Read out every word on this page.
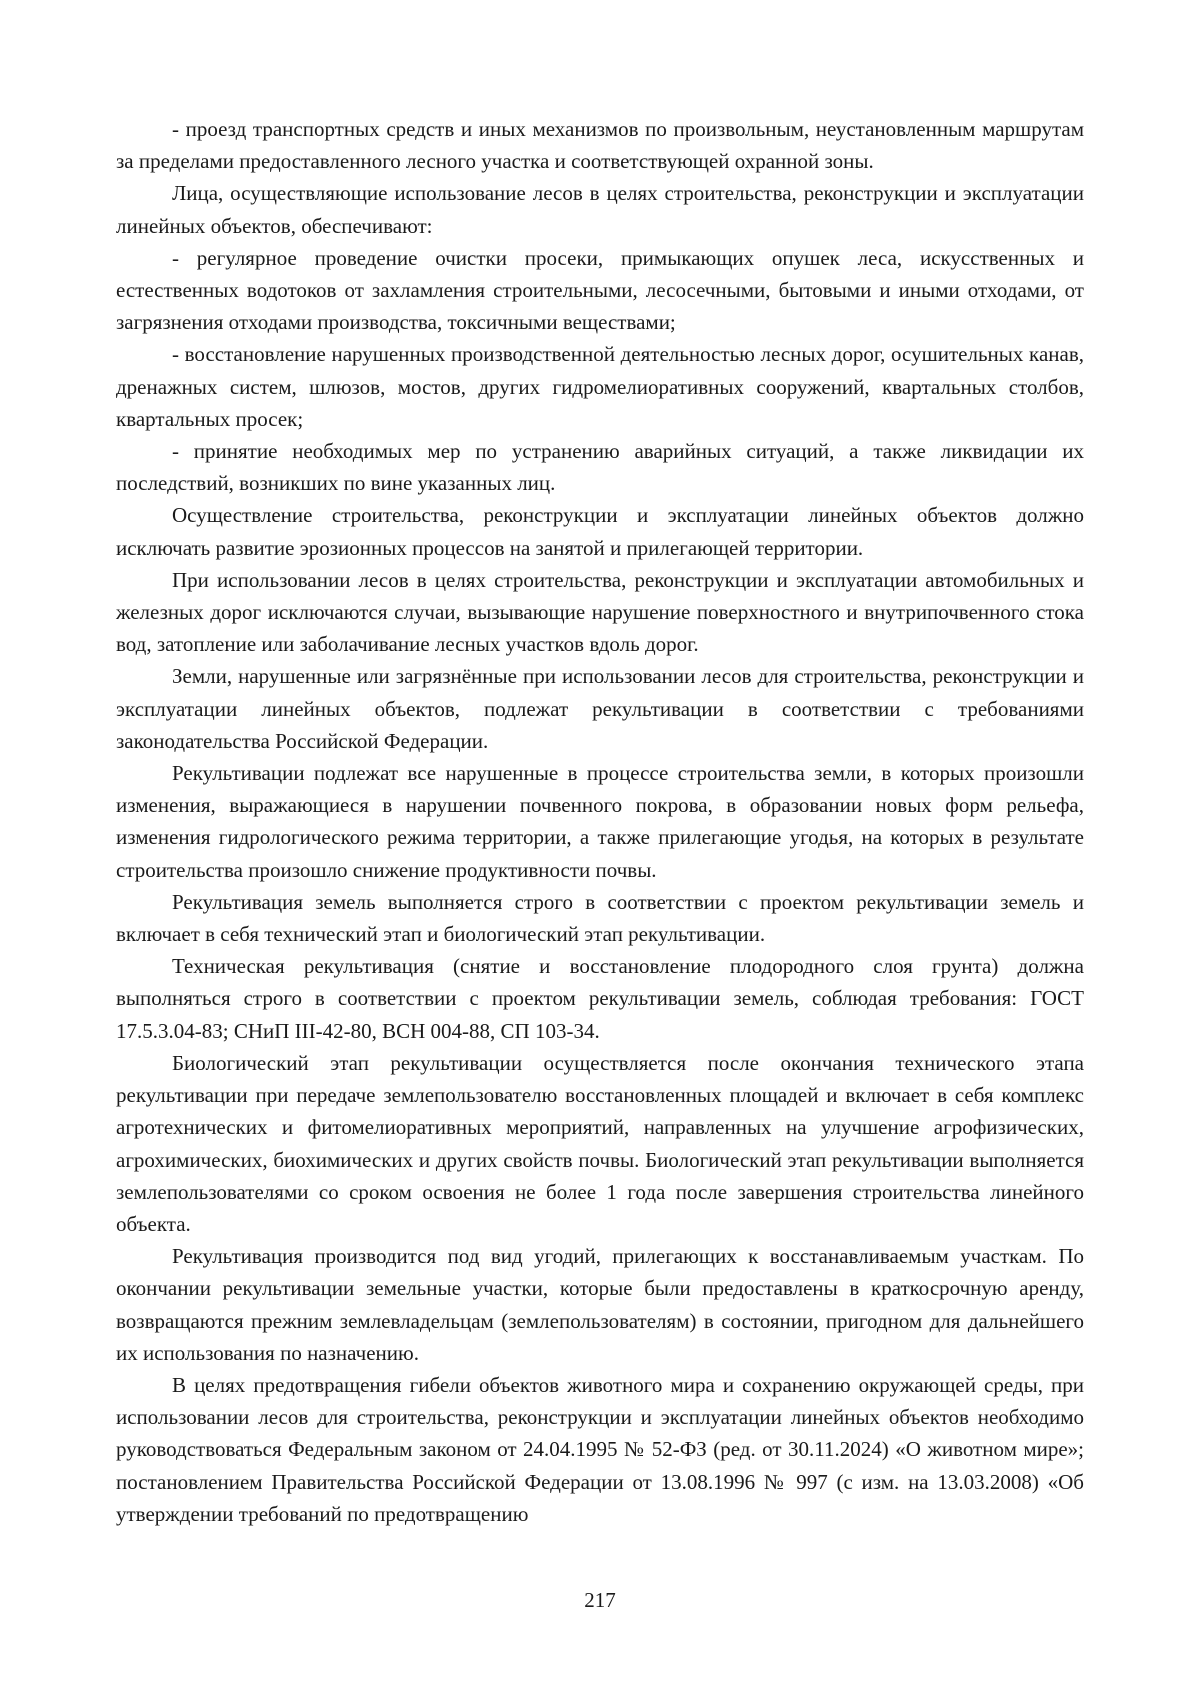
- проезд транспортных средств и иных механизмов по произвольным, неустановленным маршрутам за пределами предоставленного лесного участка и соответствующей охранной зоны.

Лица, осуществляющие использование лесов в целях строительства, реконструкции и эксплуатации линейных объектов, обеспечивают:

- регулярное проведение очистки просеки, примыкающих опушек леса, искусственных и естественных водотоков от захламления строительными, лесосечными, бытовыми и иными отходами, от загрязнения отходами производства, токсичными веществами;

- восстановление нарушенных производственной деятельностью лесных дорог, осушительных канав, дренажных систем, шлюзов, мостов, других гидромелиоративных сооружений, квартальных столбов, квартальных просек;

- принятие необходимых мер по устранению аварийных ситуаций, а также ликвидации их последствий, возникших по вине указанных лиц.

Осуществление строительства, реконструкции и эксплуатации линейных объектов должно исключать развитие эрозионных процессов на занятой и прилегающей территории.

При использовании лесов в целях строительства, реконструкции и эксплуатации автомобильных и железных дорог исключаются случаи, вызывающие нарушение поверхностного и внутрипочвенного стока вод, затопление или заболачивание лесных участков вдоль дорог.

Земли, нарушенные или загрязнённые при использовании лесов для строительства, реконструкции и эксплуатации линейных объектов, подлежат рекультивации в соответствии с требованиями законодательства Российской Федерации.

Рекультивации подлежат все нарушенные в процессе строительства земли, в которых произошли изменения, выражающиеся в нарушении почвенного покрова, в образовании новых форм рельефа, изменения гидрологического режима территории, а также прилегающие угодья, на которых в результате строительства произошло снижение продуктивности почвы.

Рекультивация земель выполняется строго в соответствии с проектом рекультивации земель и включает в себя технический этап и биологический этап рекультивации.

Техническая рекультивация (снятие и восстановление плодородного слоя грунта) должна выполняться строго в соответствии с проектом рекультивации земель, соблюдая требования: ГОСТ 17.5.3.04-83; СНиП III-42-80, ВСН 004-88, СП 103-34.

Биологический этап рекультивации осуществляется после окончания технического этапа рекультивации при передаче землепользователю восстановленных площадей и включает в себя комплекс агротехнических и фитомелиоративных мероприятий, направленных на улучшение агрофизических, агрохимических, биохимических и других свойств почвы. Биологический этап рекультивации выполняется землепользователями со сроком освоения не более 1 года после завершения строительства линейного объекта.

Рекультивация производится под вид угодий, прилегающих к восстанавливаемым участкам. По окончании рекультивации земельные участки, которые были предоставлены в краткосрочную аренду, возвращаются прежним землевладельцам (землепользователям) в состоянии, пригодном для дальнейшего их использования по назначению.

В целях предотвращения гибели объектов животного мира и сохранению окружающей среды, при использовании лесов для строительства, реконструкции и эксплуатации линейных объектов необходимо руководствоваться Федеральным законом от 24.04.1995 № 52-ФЗ (ред. от 30.11.2024) «О животном мире»; постановлением Правительства Российской Федерации от 13.08.1996 № 997 (с изм. на 13.03.2008) «Об утверждении требований по предотвращению

217
